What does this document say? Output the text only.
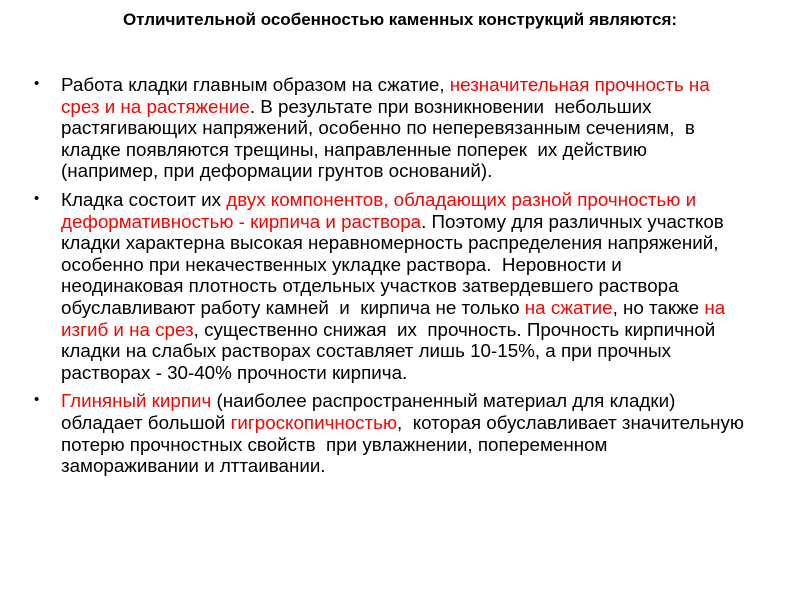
Отличительной особенностью каменных конструкций являются:
• Работа кладки главным образом на сжатие, незначительная прочность на срез и на растяжение. В результате при возникновении  небольших растягивающих напряжений, особенно по неперевязанным сечениям,  в кладке появляются трещины, направленные поперек  их действию (например, при деформации грунтов оснований).
• Кладка состоит их двух компонентов, обладающих разной прочностью и деформативностью - кирпича и раствора. Поэтому для различных участков кладки характерна высокая неравномерность распределения напряжений, особенно при некачественных укладке раствора.  Неровности и неодинаковая плотность отдельных участков затвердевшего раствора обуславливают работу камней  и  кирпича не только на сжатие, но также на изгиб и на срез, существенно снижая  их  прочность. Прочность кирпичной кладки на слабых растворах составляет лишь 10-15%, а при прочных растворах - 30-40% прочности кирпича.
• Глиняный кирпич (наиболее распространенный материал для кладки) обладает большой гигроскопичностью,  которая обуславливает значительную потерю прочностных свойств  при увлажнении, попеременном замораживании и лттаивании.
